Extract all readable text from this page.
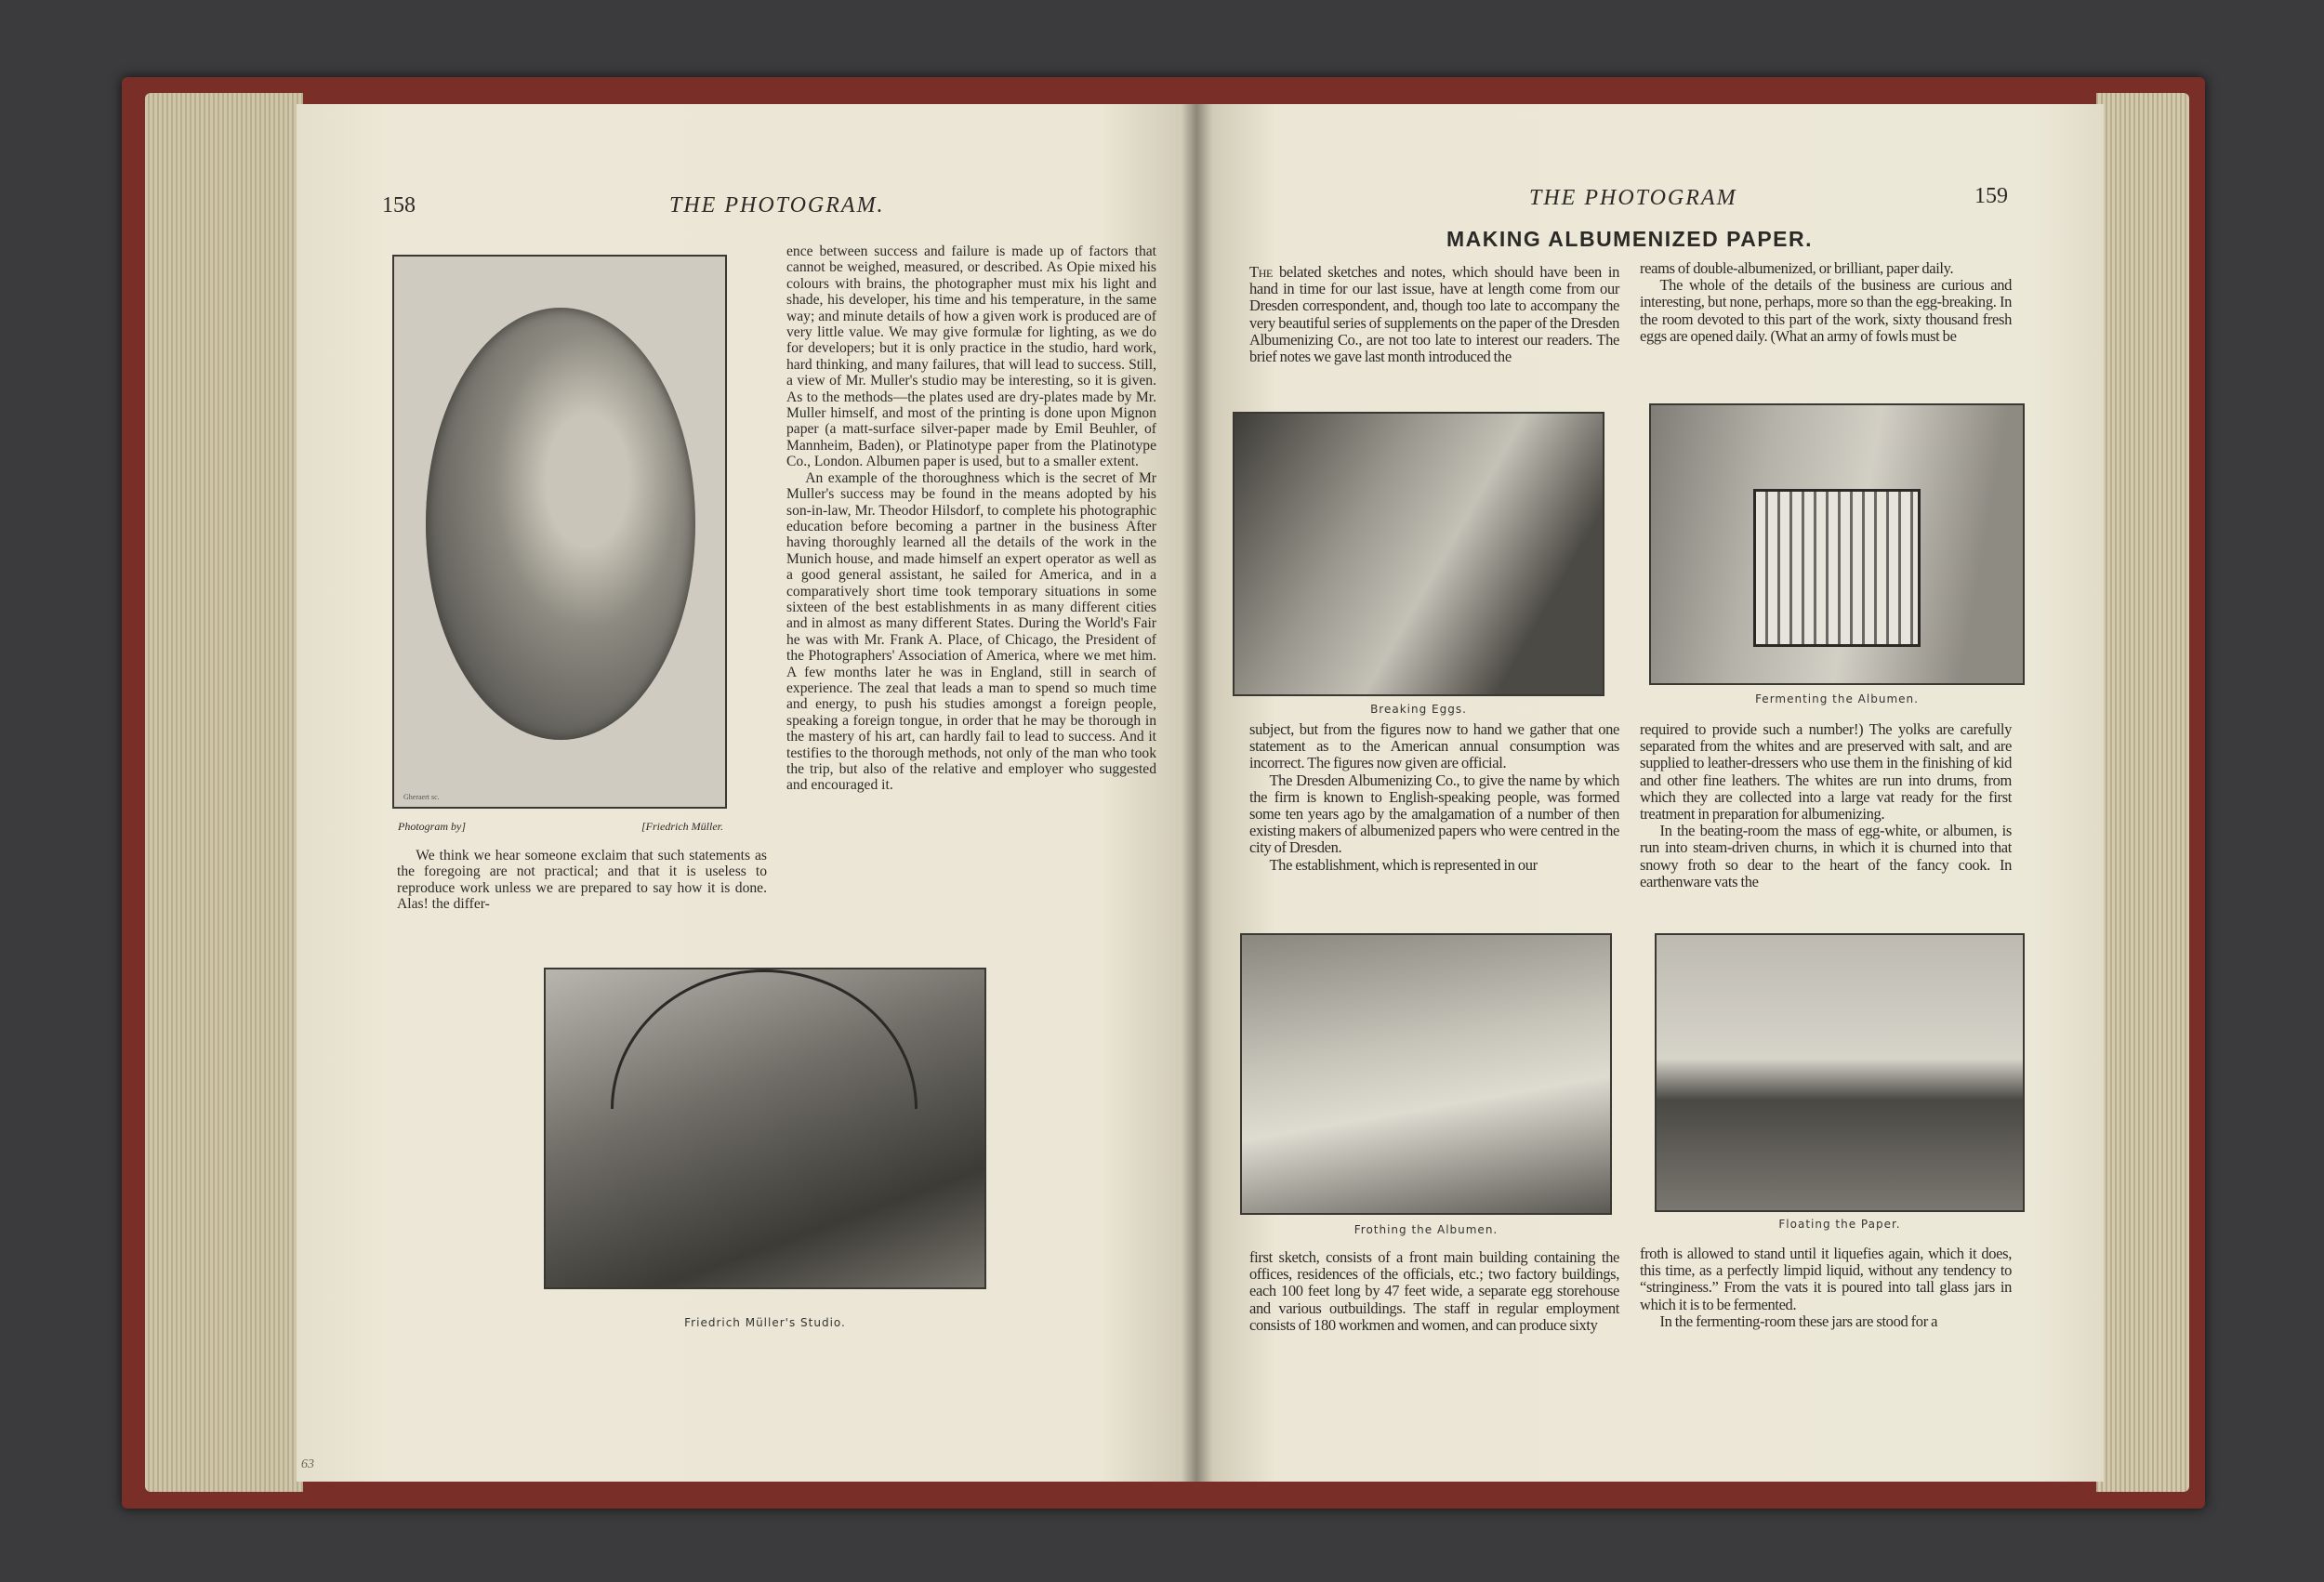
158	THE PHOTOGRAM.
Gheraert sc.
Photogram by]	[Friedrich Müller.

We think we hear someone exclaim that such statements as the foregoing are not practical; and that it is useless to reproduce work unless we are prepared to say how it is done. Alas! the differ-

ence between success and failure is made up of factors that cannot be weighed, measured, or described. As Opie mixed his colours with brains, the photographer must mix his light and shade, his developer, his time and his temperature, in the same way; and minute details of how a given work is produced are of very little value. We may give formulæ for lighting, as we do for developers; but it is only practice in the studio, hard work, hard thinking, and many failures, that will lead to success. Still, a view of Mr. Muller's studio may be interesting, so it is given. As to the methods—the plates used are dry-plates made by Mr. Muller himself, and most of the printing is done upon Mignon paper (a matt-surface silver-paper made by Emil Beuhler, of Mannheim, Baden), or Platinotype paper from the Platinotype Co., London. Albumen paper is used, but to a smaller extent.

An example of the thoroughness which is the secret of Mr Muller's success may be found in the means adopted by his son-in-law, Mr. Theodor Hilsdorf, to complete his photographic education before becoming a partner in the business After having thoroughly learned all the details of the work in the Munich house, and made himself an expert operator as well as a good general assistant, he sailed for America, and in a comparatively short time took temporary situations in some sixteen of the best establishments in as many different cities and in almost as many different States. During the World's Fair he was with Mr. Frank A. Place, of Chicago, the President of the Photographers' Association of America, where we met him. A few months later he was in England, still in search of experience. The zeal that leads a man to spend so much time and energy, to push his studies amongst a foreign people, speaking a foreign tongue, in order that he may be thorough in the mastery of his art, can hardly fail to lead to success. And it testifies to the thorough methods, not only of the man who took the trip, but also of the relative and employer who suggested and encouraged it.

Friedrich Müller's Studio.
63
THE PHOTOGRAM	159
MAKING ALBUMENIZED PAPER.

The belated sketches and notes, which should have been in hand in time for our last issue, have at length come from our Dresden correspondent, and, though too late to accompany the very beautiful series of supplements on the paper of the Dresden Albumenizing Co., are not too late to interest our readers. The brief notes we gave last month introduced the

reams of double-albumenized, or brilliant, paper daily.

The whole of the details of the business are curious and interesting, but none, perhaps, more so than the egg-breaking. In the room devoted to this part of the work, sixty thousand fresh eggs are opened daily. (What an army of fowls must be

Breaking Eggs.
Fermenting the Albumen.

subject, but from the figures now to hand we gather that one statement as to the American annual consumption was incorrect. The figures now given are official.

The Dresden Albumenizing Co., to give the name by which the firm is known to English-speaking people, was formed some ten years ago by the amalgamation of a number of then existing makers of albumenized papers who were centred in the city of Dresden.

The establishment, which is represented in our

required to provide such a number!) The yolks are carefully separated from the whites and are preserved with salt, and are supplied to leather-dressers who use them in the finishing of kid and other fine leathers. The whites are run into drums, from which they are collected into a large vat ready for the first treatment in preparation for albumenizing.

In the beating-room the mass of egg-white, or albumen, is run into steam-driven churns, in which it is churned into that snowy froth so dear to the heart of the fancy cook. In earthenware vats the

Frothing the Albumen.	Floating the Paper.

first sketch, consists of a front main building containing the offices, residences of the officials, etc.; two factory buildings, each 100 feet long by 47 feet wide, a separate egg storehouse and various outbuildings. The staff in regular employment consists of 180 workmen and women, and can produce sixty

froth is allowed to stand until it liquefies again, which it does, this time, as a perfectly limpid liquid, without any tendency to “stringiness.” From the vats it is poured into tall glass jars in which it is to be fermented.

In the fermenting-room these jars are stood for a
